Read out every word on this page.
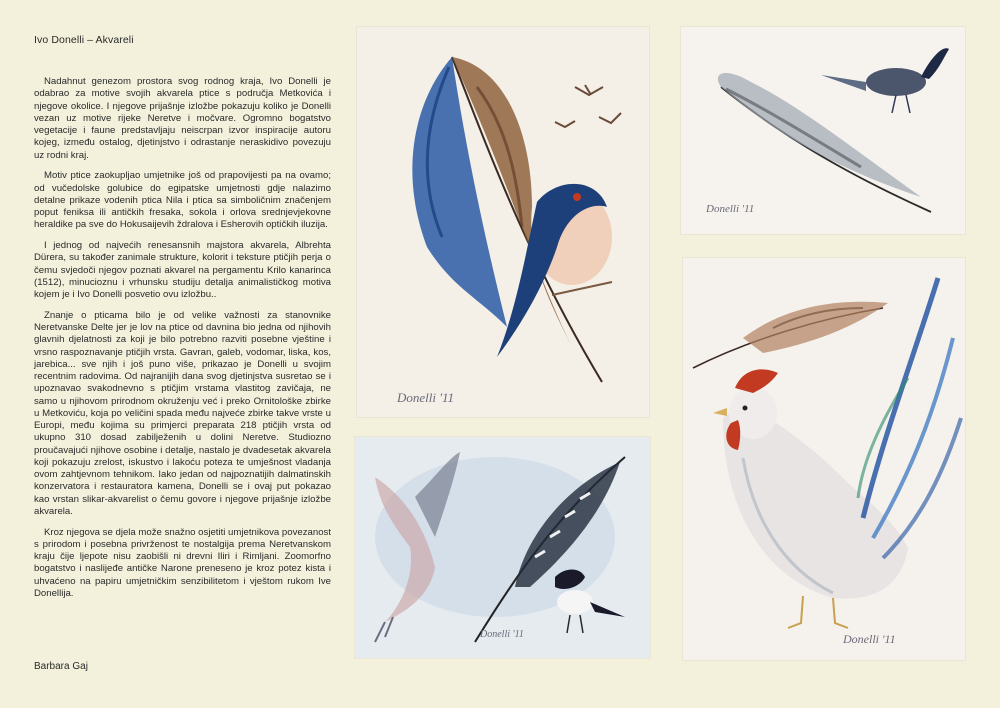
Ivo Donelli – Akvareli

Nadahnut genezom prostora svog rodnog kraja, Ivo Donelli je odabrao za motive svojih akvarela ptice s područja Metkovića i njegove okolice. I njegove prijašnje izložbe pokazuju koliko je Donelli vezan uz motive rijeke Neretve i močvare. Ogromno bogatstvo vegetacije i faune predstavljaju neiscrpan izvor inspiracije autoru kojeg, između ostalog, djetinjstvo i odrastanje neraskidivo povezuju uz rodni kraj.

Motiv ptice zaokupljao umjetnike još od prapovijesti pa na ovamo; od vučedolske golubice do egipatske umjetnosti gdje nalazimo detalne prikaze vodenih ptica Nila i ptica sa simboličnim značenjem poput feniksa ili antičkih fresaka, sokola i orlova srednjevjekovne heraldike pa sve do Hokusaijevih ždralova i Esherovih optičkih iluzija.

I jednog od najvećih renesansnih majstora akvarela, Albrehta Dürera, su također zanimale strukture, kolorit i teksture ptičjih perja o čemu svjedoči njegov poznati akvarel na pergamentu Krilo kanarinca (1512), minucioznu i vrhunsku studiju detalja animalističkog motiva kojem je i Ivo Donelli posvetio ovu izložbu..

Znanje o pticama bilo je od velike važnosti za stanovnike Neretvanske Delte jer je lov na ptice od davnina bio jedna od njihovih glavnih djelatnosti za koji je bilo potrebno razviti posebne vještine i vrsno raspoznavanje ptičjih vrsta. Gavran, galeb, vodomar, liska, kos, jarebica... sve njih i još puno više, prikazao je Donelli u svojim recentnim radovima. Od najranijih dana svog djetinjstva susretao se i upoznavao svakodnevno s ptičjim vrstama vlastitog zavičaja, ne samo u njihovom prirodnom okruženju već i preko Ornitološke zbirke u Metkoviću, koja po veličini spada među najveće zbirke takve vrste u Europi, među kojima su primjerci preparata 218 ptičjih vrsta od ukupno 310 dosad zabilježenih u dolini Neretve. Studiozno proučavajući njihove osobine i detalje, nastalo je dvadesetak akvarela koji pokazuju zrelost, iskustvo i lakoću poteza te umješnost vladanja ovom zahtjevnom tehnikom. Iako jedan od najpoznatijih dalmatinskih konzervatora i restauratora kamena, Donelli se i ovaj put pokazao kao vrstan slikar-akvarelist o čemu govore i njegove prijašnje izložbe akvarela.

Kroz njegova se djela može snažno osjetiti umjetnikova povezanost s prirodom i posebna privrženost te nostalgija prema Neretvanskom kraju čije ljepote nisu zaobišli ni drevni Iliri i Rimljani. Zoomorfno bogatstvo i naslijeđe antičke Narone preneseno je kroz potez kista i uhvaćeno na papiru umjetničkim senzibilitetom i vještom rukom Ive Donellija.

Barbara Gaj
Donelli '11
Donelli '11
Donelli '11	Donelli '11
